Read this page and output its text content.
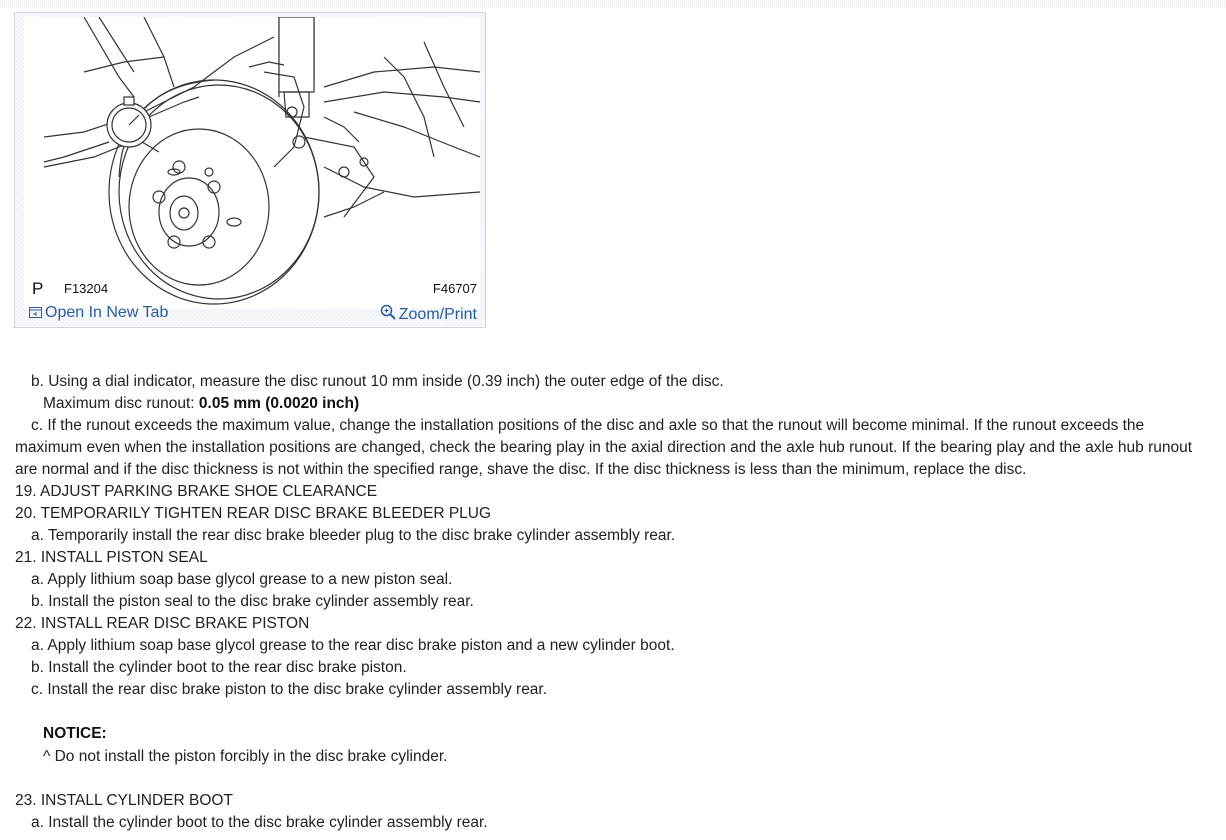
P F13204	F46707
Open In New Tab	Zoom/Print
b. Using a dial indicator, measure the disc runout 10 mm inside (0.39 inch) the outer edge of the disc.
Maximum disc runout: 0.05 mm (0.0020 inch)
c. If the runout exceeds the maximum value, change the installation positions of the disc and axle so that the runout will become minimal. If the runout exceeds the
maximum even when the installation positions are changed, check the bearing play in the axial direction and the axle hub runout. If the bearing play and the axle hub runout
are normal and if the disc thickness is not within the specified range, shave the disc. If the disc thickness is less than the minimum, replace the disc.
19. ADJUST PARKING BRAKE SHOE CLEARANCE
20. TEMPORARILY TIGHTEN REAR DISC BRAKE BLEEDER PLUG
a. Temporarily install the rear disc brake bleeder plug to the disc brake cylinder assembly rear.
21. INSTALL PISTON SEAL
a. Apply lithium soap base glycol grease to a new piston seal.
b. Install the piston seal to the disc brake cylinder assembly rear.
22. INSTALL REAR DISC BRAKE PISTON
a. Apply lithium soap base glycol grease to the rear disc brake piston and a new cylinder boot.
b. Install the cylinder boot to the rear disc brake piston.
c. Install the rear disc brake piston to the disc brake cylinder assembly rear.
NOTICE:
^ Do not install the piston forcibly in the disc brake cylinder.
23. INSTALL CYLINDER BOOT
a. Install the cylinder boot to the disc brake cylinder assembly rear.
